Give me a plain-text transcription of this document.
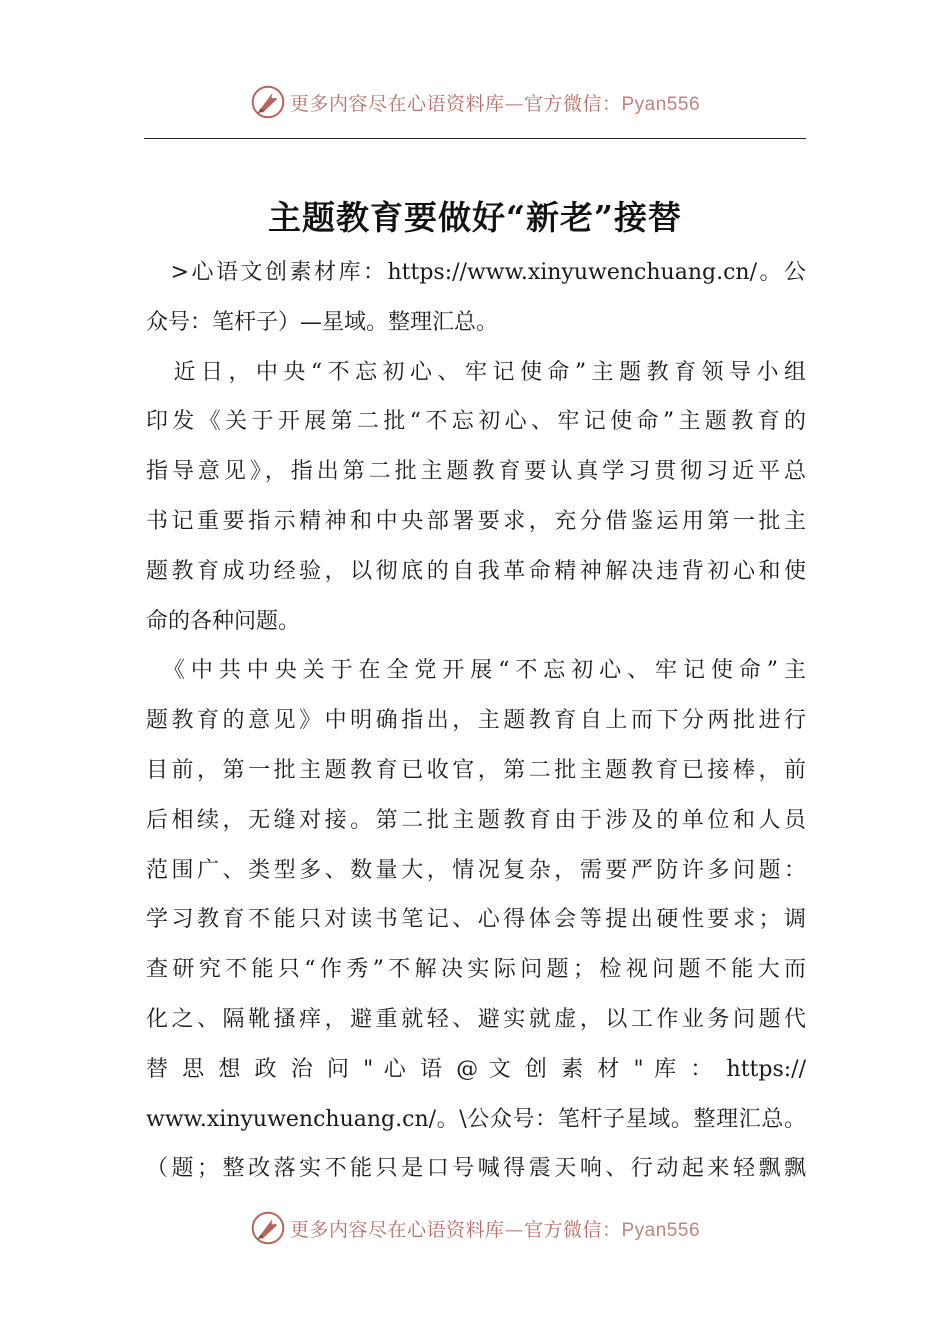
更多内容尽在心语资料库—官方微信：Pyan556
主题教育要做好“新老”接替
　>心语文创素材库：https://www.xinyuwenchuang.cn/。公
众号：笔杆子）—星域。整理汇总。
　近日，中央“不忘初心、牢记使命”主题教育领导小组
印发《关于开展第二批“不忘初心、牢记使命”主题教育的
指导意见》，指出第二批主题教育要认真学习贯彻习近平总
书记重要指示精神和中央部署要求，充分借鉴运用第一批主
题教育成功经验，以彻底的自我革命精神解决违背初心和使
命的各种问题。
　《中共中央关于在全党开展“不忘初心、牢记使命”主
题教育的意见》中明确指出，主题教育自上而下分两批进行
目前，第一批主题教育已收官，第二批主题教育已接棒，前
后相续，无缝对接。第二批主题教育由于涉及的单位和人员
范围广、类型多、数量大，情况复杂，需要严防许多问题：
学习教育不能只对读书笔记、心得体会等提出硬性要求；调
查研究不能只“作秀”不解决实际问题；检视问题不能大而
化之、隔靴搔痒，避重就轻、避实就虚，以工作业务问题代
替 思 想 政 治 问 " 心 语 @ 文 创 素 材 " 库 ： https://
www.xinyuwenchuang.cn/。\公众号：笔杆子星域。整理汇总。
（题；整改落实不能只是口号喊得震天响、行动起来轻飘飘
更多内容尽在心语资料库—官方微信：Pyan556
